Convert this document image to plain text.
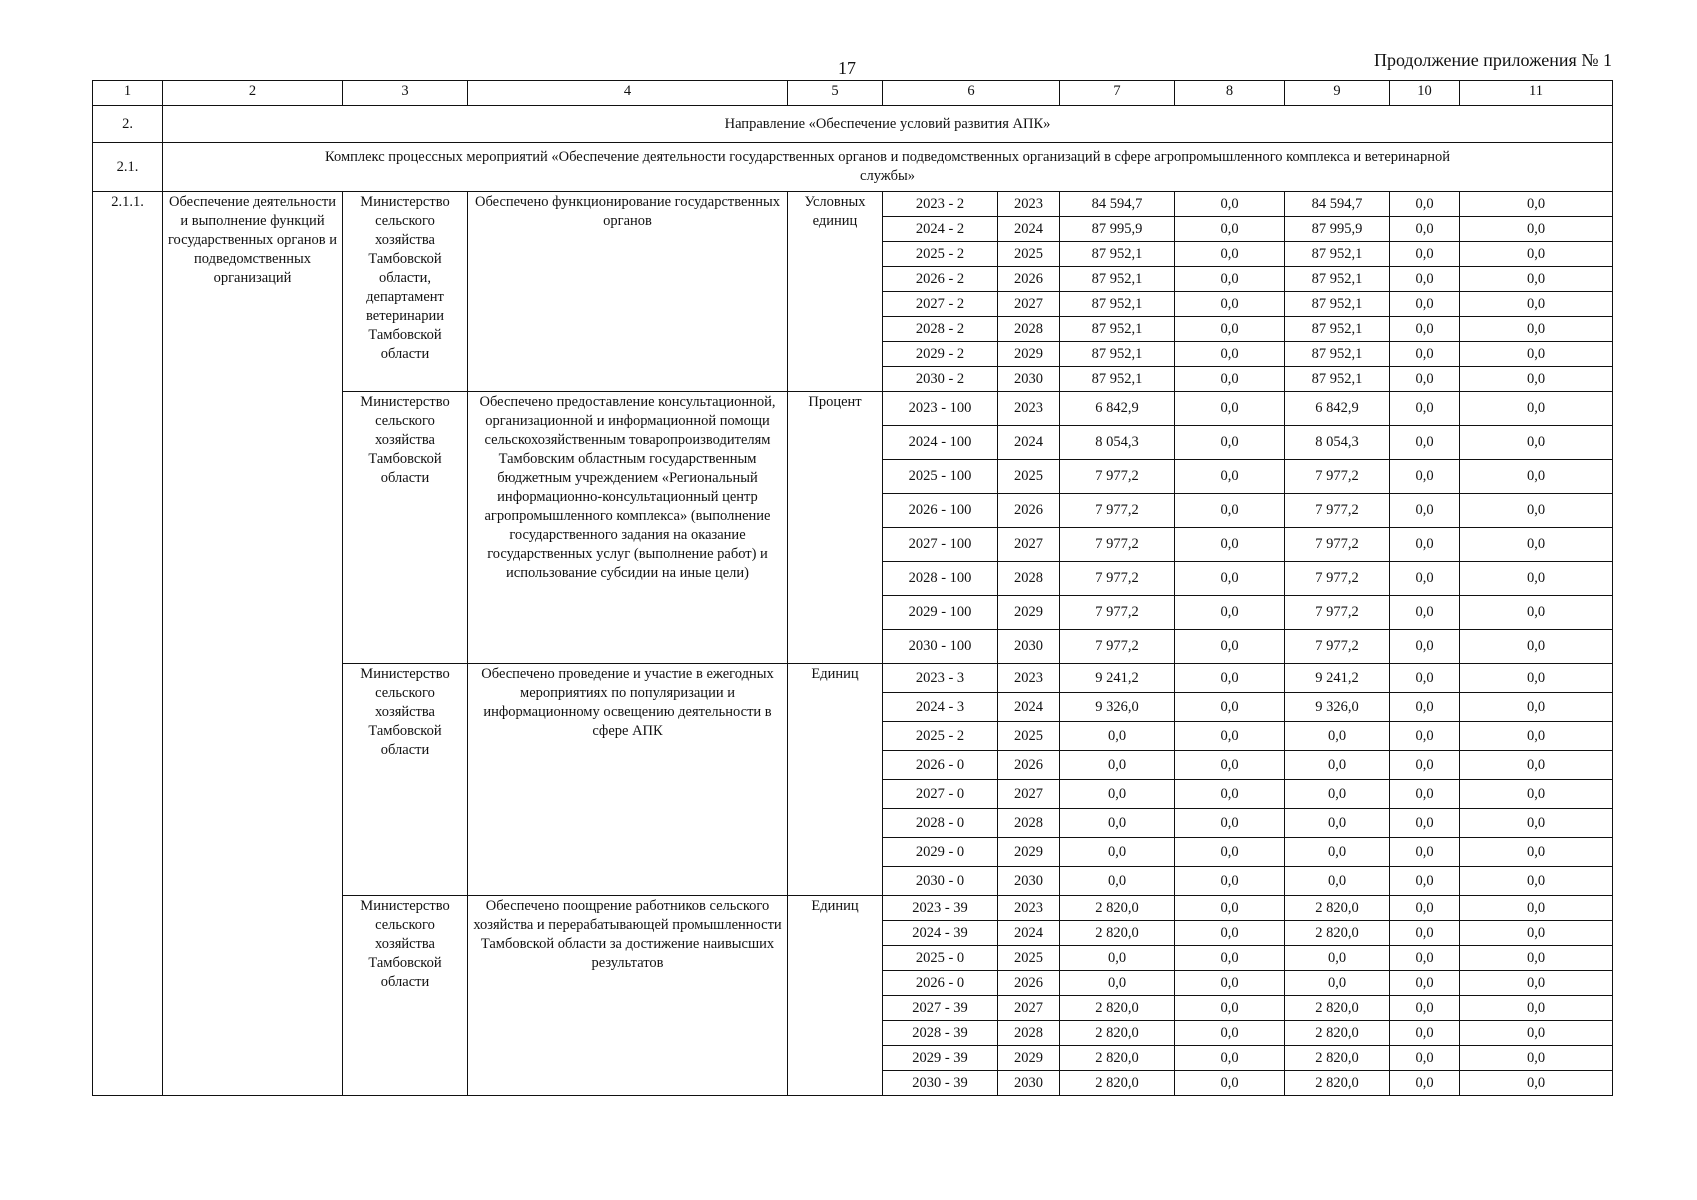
17	Продолжение приложения № 1
1	2	3	4	5	6		7	8	9	10	11
2.	Направление «Обеспечение условий развития АПК»										
2.1.	Комплекс процессных мероприятий «Обеспечение деятельности государственных органов и подведомственных организаций в сфере агропромышленного комплекса и ветеринарной службы»										
2.1.1.	Обеспечение деятельности и выполнение функций государственных органов и подведомственных организаций	Министерство сельского хозяйства Тамбовской области, департамент ветеринарии Тамбовской области	Обеспечено функционирование государственных органов	Условных единиц	2023 - 2	2023	84 594,7	0,0	84 594,7	0,0	0,0
					2024 - 2	2024	87 995,9	0,0	87 995,9	0,0	0,0
					2025 - 2	2025	87 952,1	0,0	87 952,1	0,0	0,0
					2026 - 2	2026	87 952,1	0,0	87 952,1	0,0	0,0
					2027 - 2	2027	87 952,1	0,0	87 952,1	0,0	0,0
					2028 - 2	2028	87 952,1	0,0	87 952,1	0,0	0,0
					2029 - 2	2029	87 952,1	0,0	87 952,1	0,0	0,0
					2030 - 2	2030	87 952,1	0,0	87 952,1	0,0	0,0
		Министерство сельского хозяйства Тамбовской области	Обеспечено предоставление консультационной, организационной и информационной помощи сельскохозяйственным товаропроизводителям Тамбовским областным государственным бюджетным учреждением «Региональный информационно-консультационный центр агропромышленного комплекса» (выполнение государственного задания на оказание государственных услуг (выполнение работ) и использование субсидии на иные цели)	Процент	2023 - 100	2023	6 842,9	0,0	6 842,9	0,0	0,0
					2024 - 100	2024	8 054,3	0,0	8 054,3	0,0	0,0
					2025 - 100	2025	7 977,2	0,0	7 977,2	0,0	0,0
					2026 - 100	2026	7 977,2	0,0	7 977,2	0,0	0,0
					2027 - 100	2027	7 977,2	0,0	7 977,2	0,0	0,0
					2028 - 100	2028	7 977,2	0,0	7 977,2	0,0	0,0
					2029 - 100	2029	7 977,2	0,0	7 977,2	0,0	0,0
					2030 - 100	2030	7 977,2	0,0	7 977,2	0,0	0,0
		Министерство сельского хозяйства Тамбовской области	Обеспечено проведение и участие в ежегодных мероприятиях по популяризации и информационному освещению деятельности в сфере АПК	Единиц	2023 - 3	2023	9 241,2	0,0	9 241,2	0,0	0,0
					2024 - 3	2024	9 326,0	0,0	9 326,0	0,0	0,0
					2025 - 2	2025	0,0	0,0	0,0	0,0	0,0
					2026 - 0	2026	0,0	0,0	0,0	0,0	0,0
					2027 - 0	2027	0,0	0,0	0,0	0,0	0,0
					2028 - 0	2028	0,0	0,0	0,0	0,0	0,0
					2029 - 0	2029	0,0	0,0	0,0	0,0	0,0
					2030 - 0	2030	0,0	0,0	0,0	0,0	0,0
		Министерство сельского хозяйства Тамбовской области	Обеспечено поощрение работников сельского хозяйства и перерабатывающей промышленности Тамбовской области за достижение наивысших результатов	Единиц	2023 - 39	2023	2 820,0	0,0	2 820,0	0,0	0,0
					2024 - 39	2024	2 820,0	0,0	2 820,0	0,0	0,0
					2025 - 0	2025	0,0	0,0	0,0	0,0	0,0
					2026 - 0	2026	0,0	0,0	0,0	0,0	0,0
					2027 - 39	2027	2 820,0	0,0	2 820,0	0,0	0,0
					2028 - 39	2028	2 820,0	0,0	2 820,0	0,0	0,0
					2029 - 39	2029	2 820,0	0,0	2 820,0	0,0	0,0
					2030 - 39	2030	2 820,0	0,0	2 820,0	0,0	0,0
